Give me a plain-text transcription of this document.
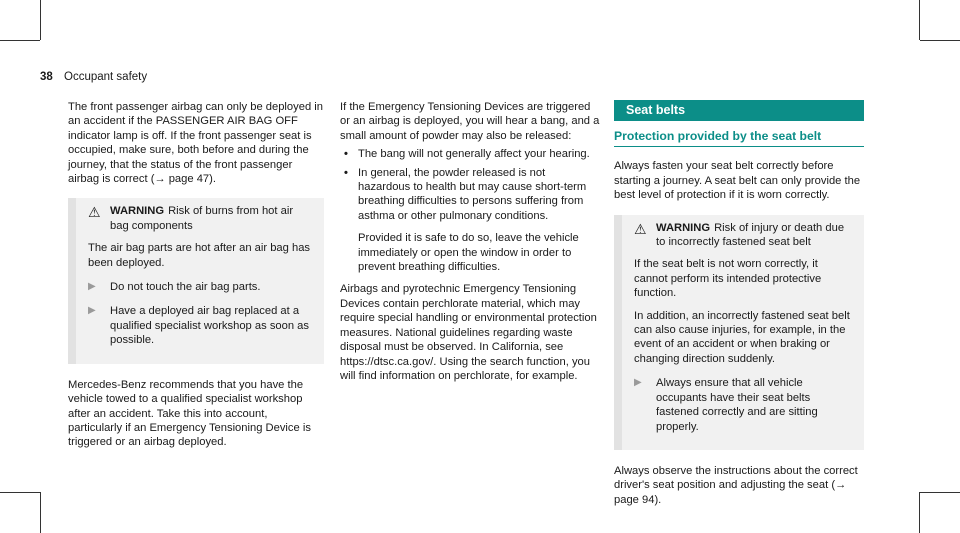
38 Occupant safety

The front passenger airbag can only be deployed in an accident if the PASSENGER AIR BAG OFF indicator lamp is off. If the front passenger seat is occupied, make sure, both before and during the journey, that the status of the front passenger airbag is correct (→ page 47).

⚠ WARNING Risk of burns from hot air bag components

The air bag parts are hot after an air bag has been deployed.

▶	Do not touch the air bag parts.
▶	Have a deployed air bag replaced at a qualified specialist workshop as soon as possible.

Mercedes-Benz recommends that you have the vehicle towed to a qualified specialist workshop after an accident. Take this into account, particularly if an Emergency Tensioning Device is triggered or an airbag deployed.

If the Emergency Tensioning Devices are triggered or an airbag is deployed, you will hear a bang, and a small amount of powder may also be released:

• The bang will not generally affect your hearing.
• In general, the powder released is not hazardous to health but may cause short-term breathing difficulties to persons suffering from asthma or other pulmonary conditions.

Provided it is safe to do so, leave the vehicle immediately or open the window in order to prevent breathing difficulties.

Airbags and pyrotechnic Emergency Tensioning Devices contain perchlorate material, which may require special handling or environmental protection measures. National guidelines regarding waste disposal must be observed. In California, see https://dtsc.ca.gov/. Using the search function, you will find information on perchlorate, for example.

Seat belts
Protection provided by the seat belt

Always fasten your seat belt correctly before starting a journey. A seat belt can only provide the best level of protection if it is worn correctly.

⚠ WARNING Risk of injury or death due to incorrectly fastened seat belt

If the seat belt is not worn correctly, it cannot perform its intended protective function.

In addition, an incorrectly fastened seat belt can also cause injuries, for example, in the event of an accident or when braking or changing direction suddenly.

▶	Always ensure that all vehicle occupants have their seat belts fastened correctly and are sitting properly.

Always observe the instructions about the correct driver's seat position and adjusting the seat (→ page 94).
